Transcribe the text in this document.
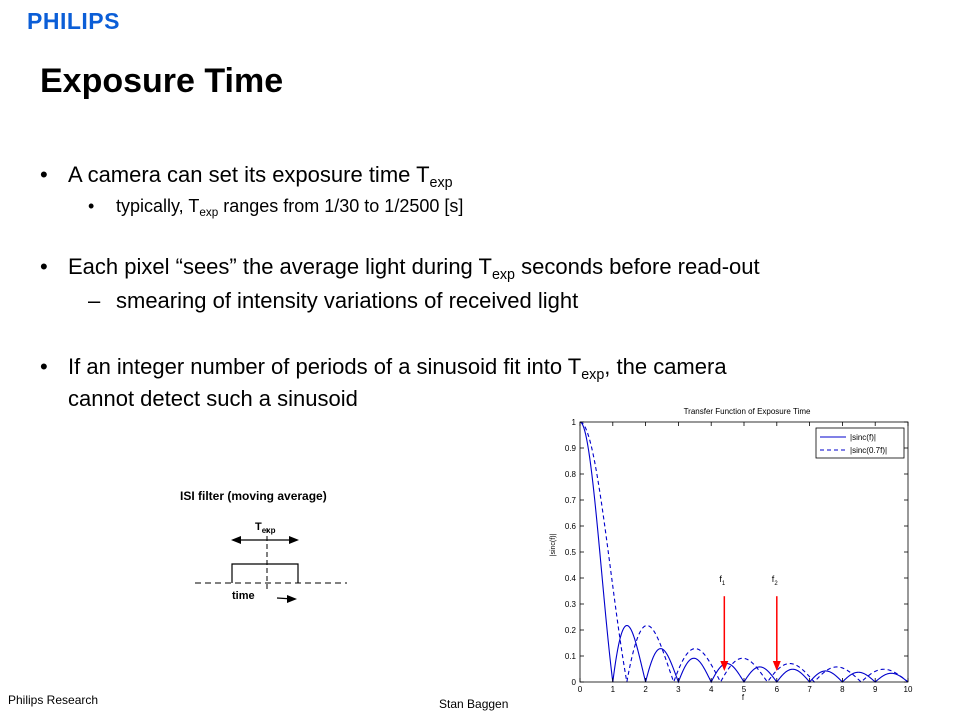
PHILIPS
Exposure Time
• A camera can set its exposure time $T_{exp}$
• typically, $T_{exp}$ ranges from 1/30 to 1/2500 [s]
• Each pixel “sees” the average light during $T_{exp}$ seconds before read-out
– smearing of intensity variations of received light
• If an integer number of periods of a sinusoid fit into $T_{exp}$, the camera
cannot detect such a sinusoid
ISI filter (moving average)
$T_{exp}$
time
Transfer Function of Exposure Time
0	1	2	3	4	5	6	7	8	9	10
0
0.1
0.2
0.3
0.4
0.5
0.6
0.7
0.8
0.9
1
|sinc(f)|
|sinc(0.7f)|
$f_1$	$f_2$
f
|sinc(f)|
Philips Research	Stan Baggen
